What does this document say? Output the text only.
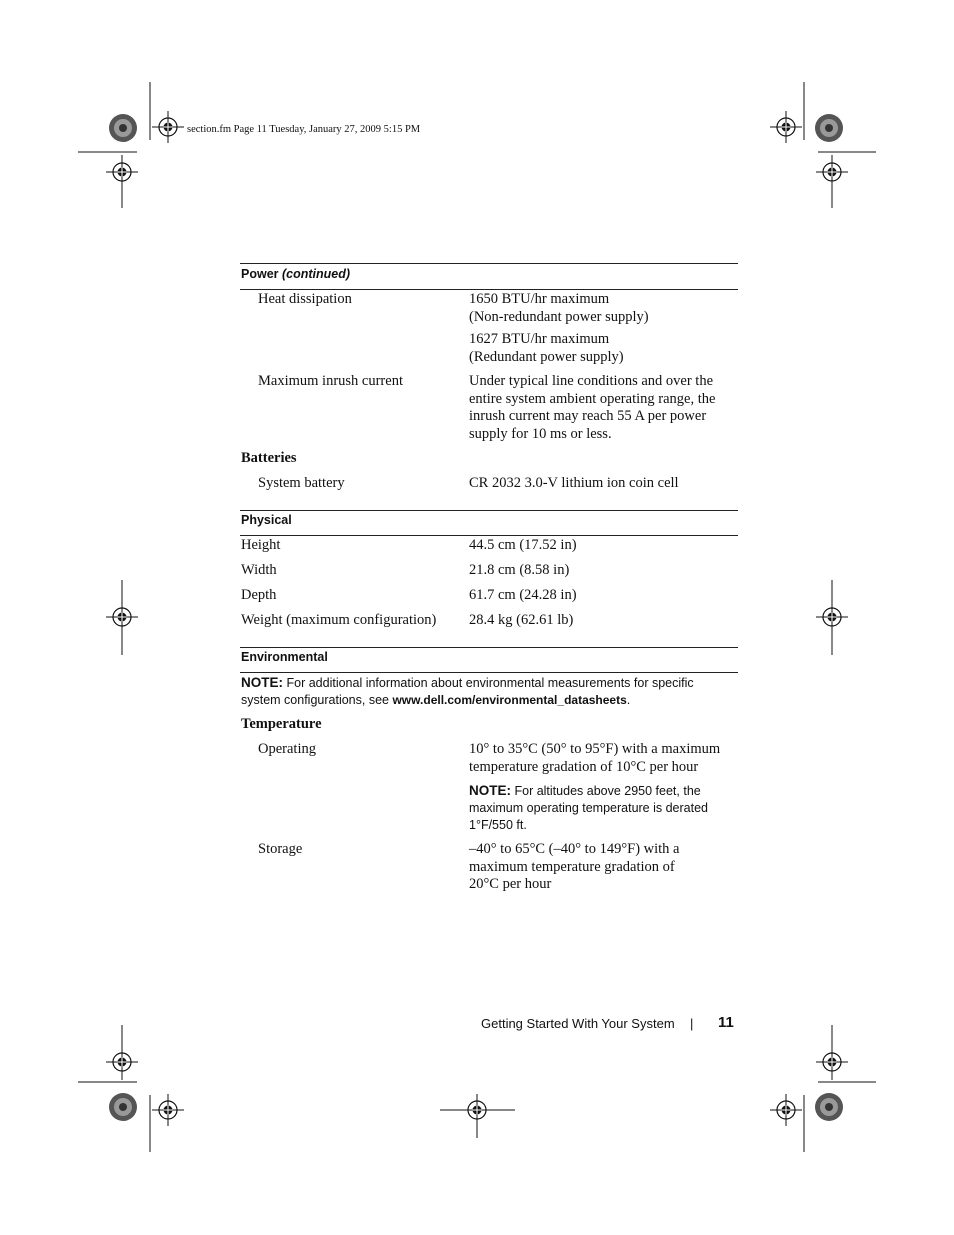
section.fm Page 11 Tuesday, January 27, 2009 5:15 PM
Power (continued)
Heat dissipation	1650 BTU/hr maximum
(Non-redundant power supply)
1627 BTU/hr maximum
(Redundant power supply)
Maximum inrush current	Under typical line conditions and over the
entire system ambient operating range, the
inrush current may reach 55 A per power
supply for 10 ms or less.
Batteries
System battery	CR 2032 3.0-V lithium ion coin cell
Physical
Height	44.5 cm (17.52 in)
Width	21.8 cm (8.58 in)
Depth	61.7 cm (24.28 in)
Weight (maximum configuration) 28.4 kg (62.61 lb)
Environmental
NOTE: For additional information about environmental measurements for specific
system configurations, see www.dell.com/environmental_datasheets.
Temperature
Operating	10° to 35°C (50° to 95°F) with a maximum
temperature gradation of 10°C per hour
NOTE: For altitudes above 2950 feet, the
maximum operating temperature is derated
1°F/550 ft.
Storage	–40° to 65°C (–40° to 149°F) with a
maximum temperature gradation of
20°C per hour
Getting Started With Your System | 11
